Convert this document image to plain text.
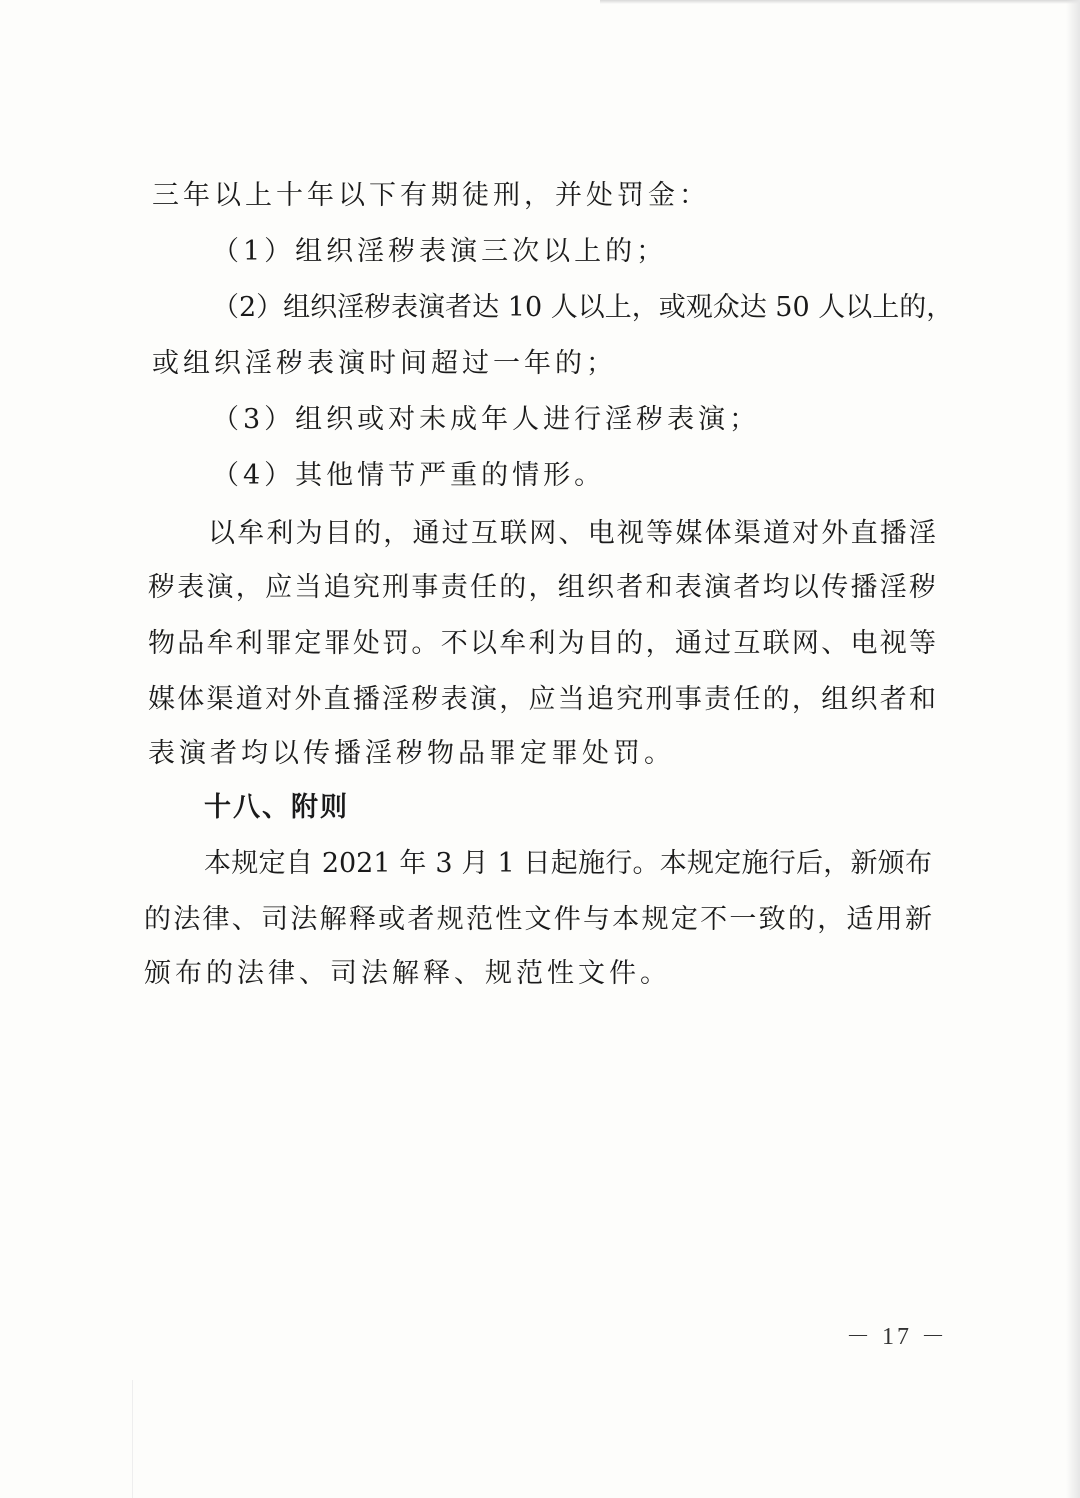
三年以上十年以下有期徒刑，并处罚金：
（1）组织淫秽表演三次以上的；
（2）组织淫秽表演者达 10 人以上，或观众达 50 人以上的，
或组织淫秽表演时间超过一年的；
（3）组织或对未成年人进行淫秽表演；
（4）其他情节严重的情形。
以牟利为目的，通过互联网、电视等媒体渠道对外直播淫
秽表演，应当追究刑事责任的，组织者和表演者均以传播淫秽
物品牟利罪定罪处罚。不以牟利为目的，通过互联网、电视等
媒体渠道对外直播淫秽表演，应当追究刑事责任的，组织者和
表演者均以传播淫秽物品罪定罪处罚。
十八、附则
本规定自 2021 年 3 月 1 日起施行。本规定施行后，新颁布
的法律、司法解释或者规范性文件与本规定不一致的，适用新
颁布的法律、司法解释、规范性文件。
－ 17 －
